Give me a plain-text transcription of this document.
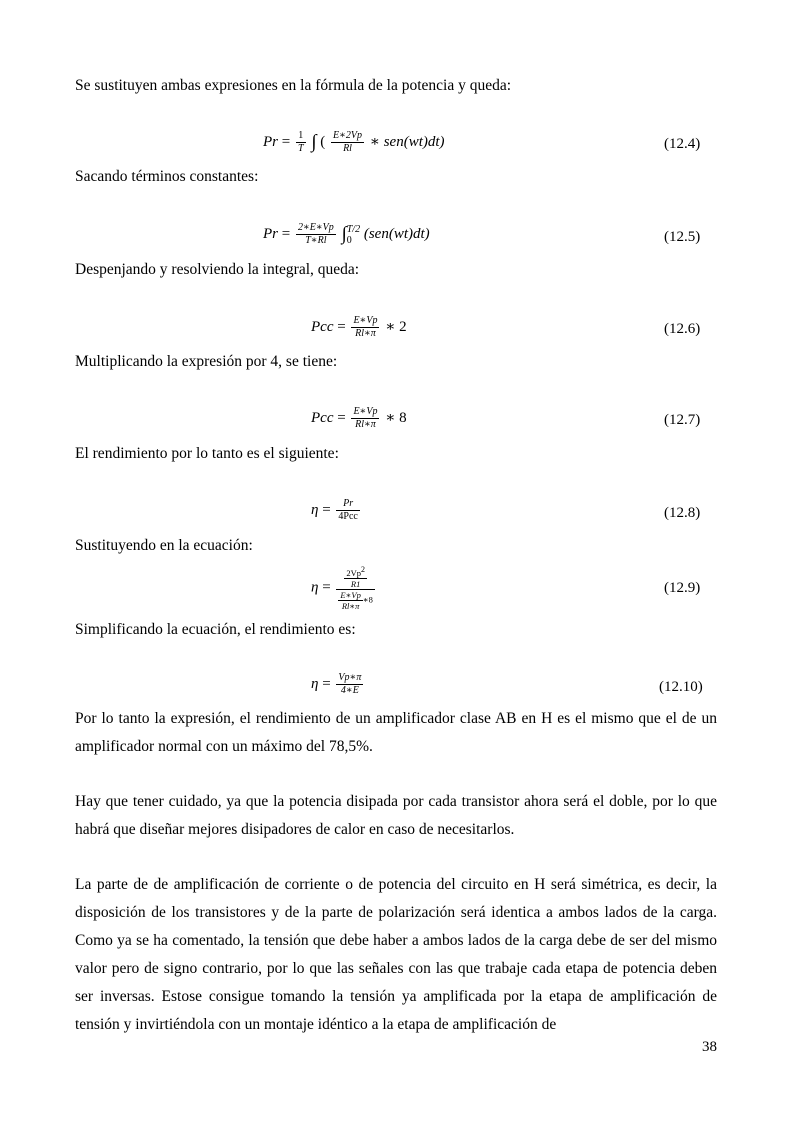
Se sustituyen ambas expresiones en la fórmula de la potencia y queda:
$Pr = \frac{1}{T}$ ∫ ( $\frac{E∗2Vp}{Rl}$ ∗ sen(wt)dt)	(12.4)
Sacando términos constantes:
$Pr = \frac{2∗E∗Vp}{T∗Rl}$ ∫ T/2
0 (sen(wt)dt)	(12.5)
Despenjando y resolviendo la integral, queda:
Pcc = $\frac{E∗Vp}{Rl∗\pi}$ ∗ 2	(12.6)
Multiplicando la expresión por 4, se tiene:
Pcc = $\frac{E∗Vp}{Rl∗\pi}$ ∗ 8	(12.7)
El rendimiento por lo tanto es el siguiente:
$\eta = \frac{Pr}{\text{4Pcc}}$	(12.8)
Sustituyendo en la ecuación:
$\eta = \frac{\frac{2Vp^2}{R1}}{\frac{E∗Vp}{Rl∗\pi} ∗8}$	(12.9)
Simplificando la ecuación, el rendimiento es:
$\eta = \frac{Vp∗\pi}{4∗E}$	(12.10)
Por lo tanto la expresión, el rendimiento de un amplificador clase AB en H es el mismo que el de un amplificador normal con un máximo del 78,5%.
Hay que tener cuidado, ya que la potencia disipada por cada transistor ahora será el doble, por lo que habrá que diseñar mejores disipadores de calor en caso de necesitarlos.
La parte de de amplificación de corriente o de potencia del circuito en H será simétrica, es decir, la disposición de los transistores y de la parte de polarización será identica a ambos lados de la carga. Como ya se ha comentado, la tensión que debe haber a ambos lados de la carga debe de ser del mismo valor pero de signo contrario, por lo que las señales con las que trabaje cada etapa de potencia deben ser inversas. Estose consigue tomando la tensión ya amplificada por la etapa de amplificación de tensión y invirtiéndola con un montaje idéntico a la etapa de amplificación de
38
